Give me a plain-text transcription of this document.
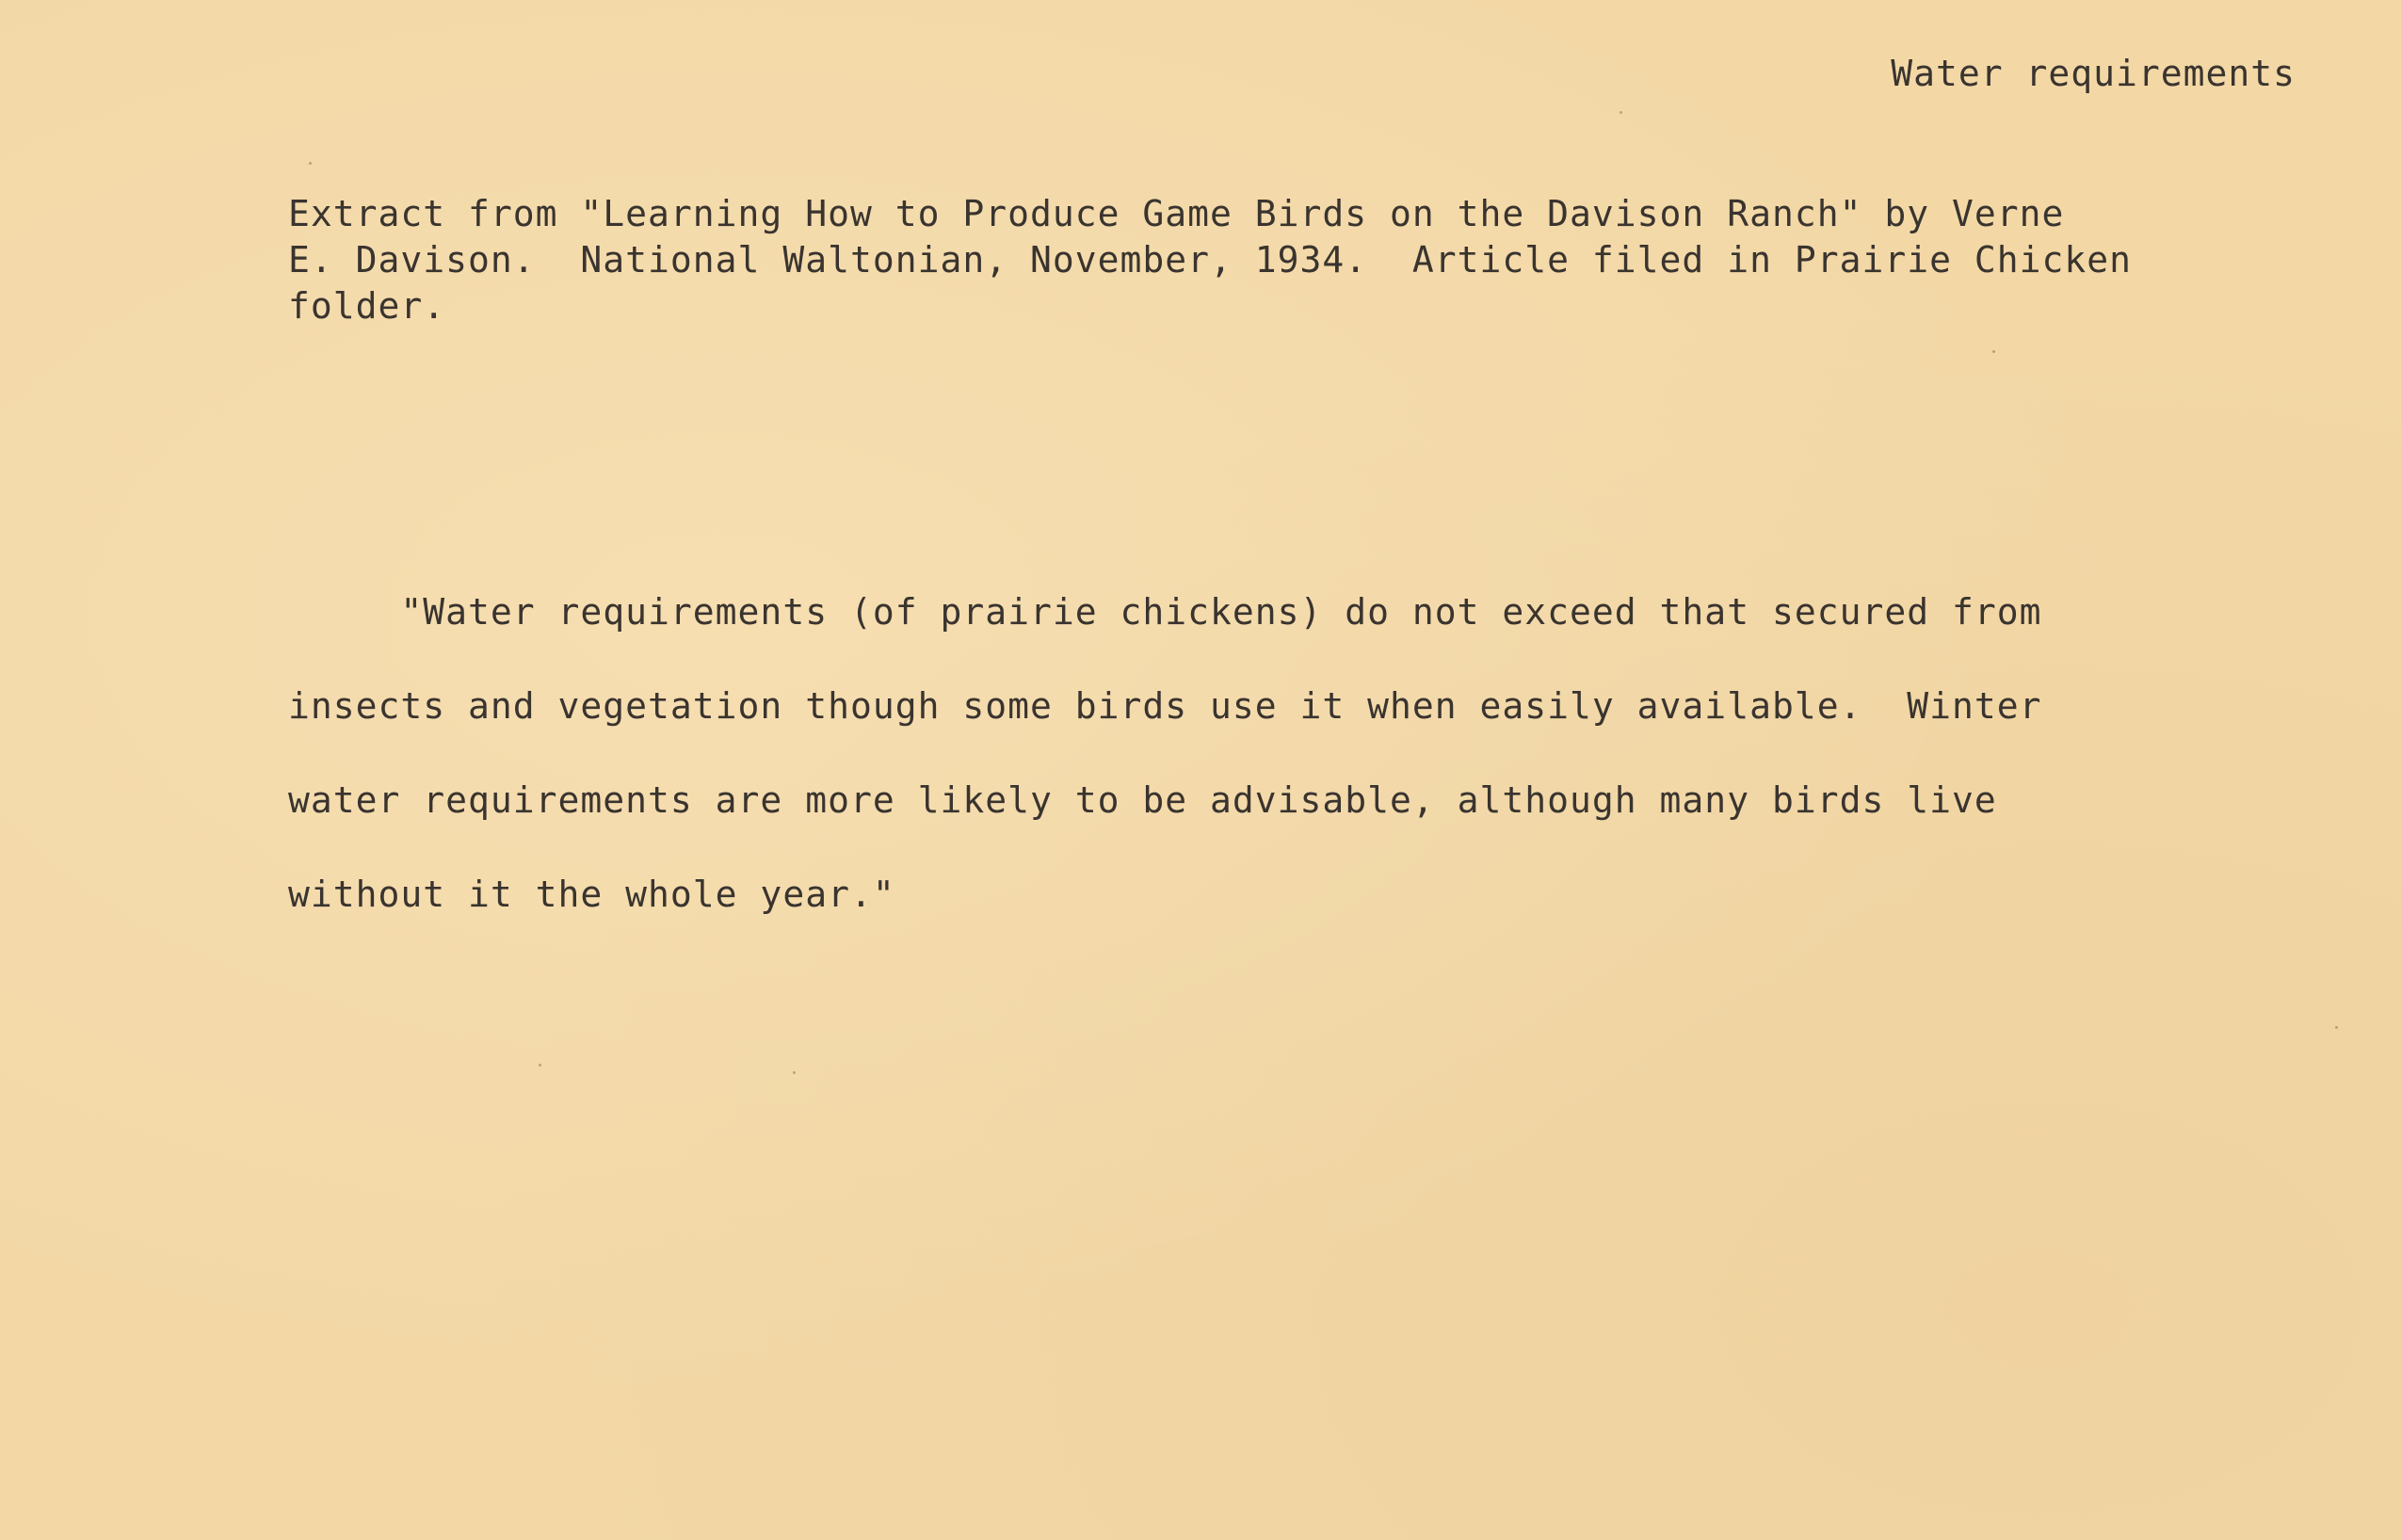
Water requirements
Extract from "Learning How to Produce Game Birds on the Davison Ranch" by Verne
E. Davison.  National Waltonian, November, 1934.  Article filed in Prairie Chicken
folder.
"Water requirements (of prairie chickens) do not exceed that secured from
insects and vegetation though some birds use it when easily available.  Winter
water requirements are more likely to be advisable, although many birds live
without it the whole year."
